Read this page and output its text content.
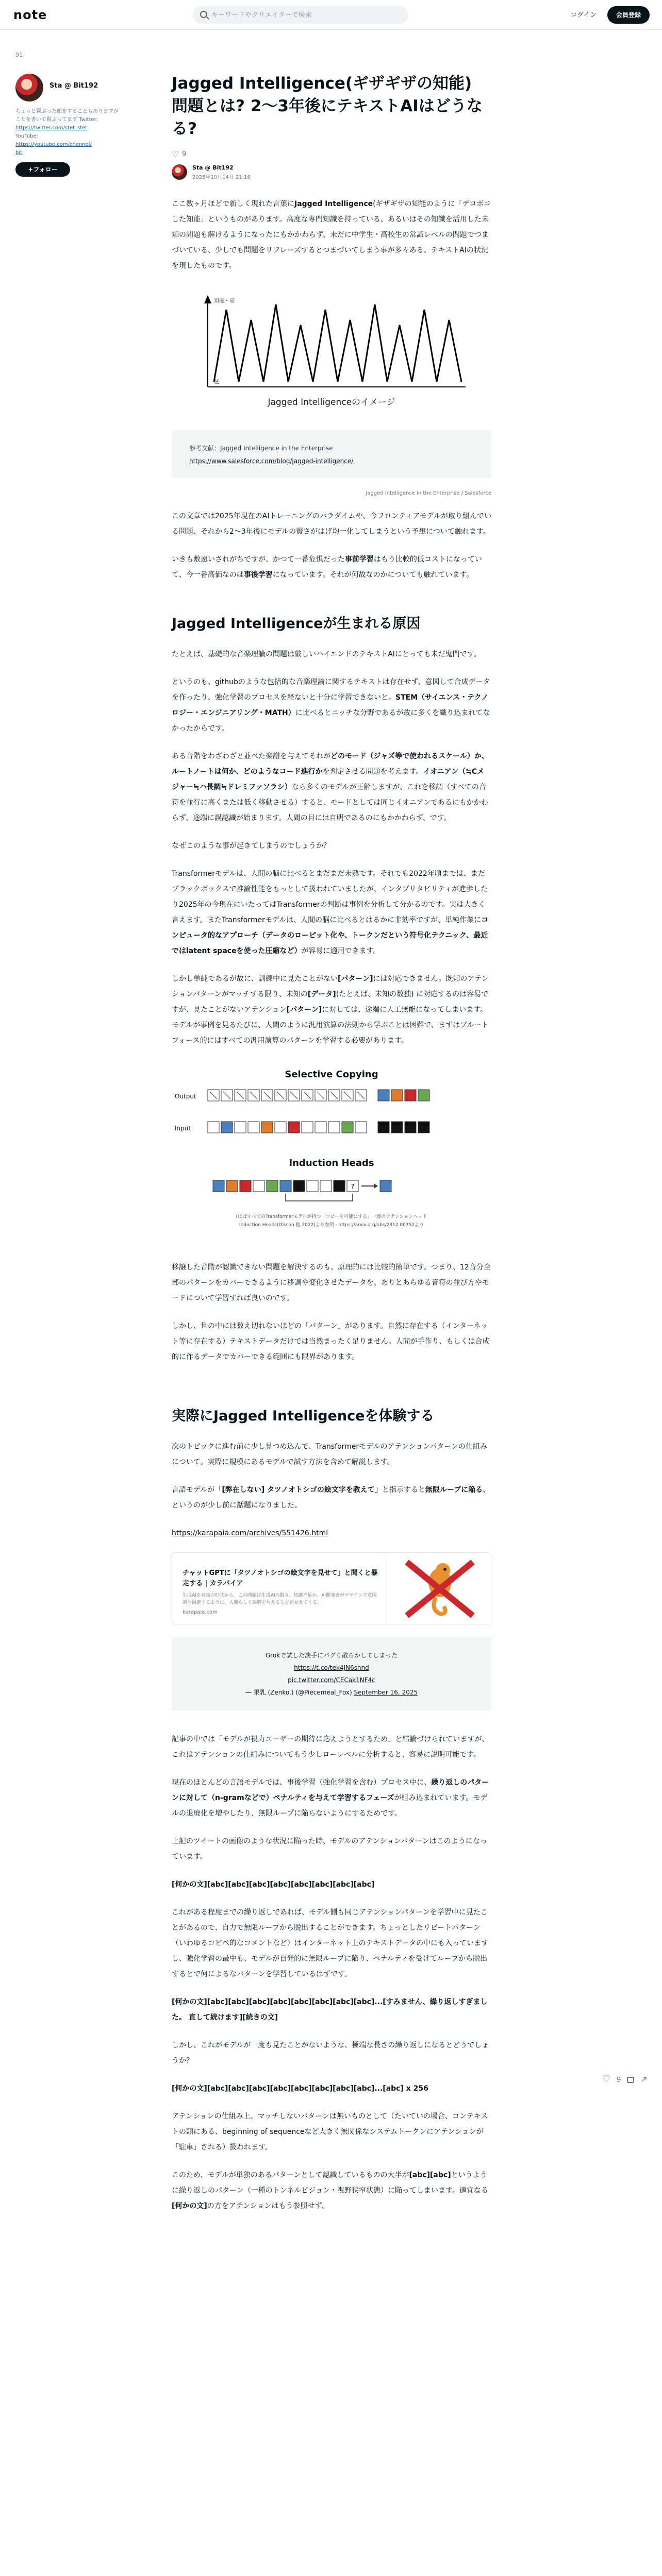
note
キーワードやクリエイターで検索	ログイン	会員登録
91
Sta @ Bit192
ちょっと賢ぶった顔をすることもありますがことを書いて賢ぶってます Twitter:
https://twitter.com/stet_stet
YouTube:
https://youtube.com/channel/
bit
+フォロー
Jagged Intelligence(ギザギザの知能) 問題とは? 2〜3年後にテキストAIはどうなる?
♡
9
Sta @ Bit192
2025年10月14日 21:16

ここ数ヶ月ほどで新しく現れた言葉にJagged Intelligence(ギザギザの知能のように「デコボコした知能」というものがあります。高度な専門知識を持っている、あるいはその知識を活用した未知の問題も解けるようになったにもかかわらず、未だに中学生・高校生の常識レベルの問題でつまづいている、少しでも問題をリフレーズするとつまづいてしまう事が多々ある。テキストAIの状況を現したものです。

知能・高
低
Jagged Intelligenceのイメージ
参考文献：Jagged Intelligence in the Enterprise
https://www.salesforce.com/blog/jagged-intelligence/
Jagged Intelligence in the Enterprise / Salesforce

この文章では2025年現在のAIトレーニングのパラダイムや、今フロンティアモデルが取り組んでいる問題、それから2〜3年後にモデルの賢さがはげ均一化してしまうという予想について触れます。

いきも敷遠いされがちですが、かつて一番危惧だった事前学習はもう比較的低コストになっていて、今一番高価なのは事後学習になっています。それが何故なのかについても触れています。

Jagged Intelligenceが生まれる原因

たとえば、基礎的な音楽理論の問題は厳しいハイエンドのテキストAIにとっても未だ鬼門です。

というのも、githubのような包括的な音楽理論に関するテキストは存在せず、意図して合成データを作ったり、強化学習のプロセスを経ないと十分に学習できないと。STEM（サイエンス・テクノロジー・エンジニアリング・MATH）に比べるとニッチな分野であるが故に多くを織り込まれてなかったからです。

ある音階をわざわざと並べた楽譜を与えてそれがどのモード（ジャズ等で使われるスケール）か、ルートノートは何か、どのようなコード進行かを判定させる問題を考えます。イオニアン（≒Cメジャー≒ハ長調≒ドレミファソラシ）なら多くのモデルが正解しますが、これを移調（すべての音符を並行に高くまたは低く移動させる）すると、モードとしては同じイオニアンであるにもかかわらず、途端に誤認識が始まります。人間の目には自明であるのにもかかわらず、です。

なぜこのような事が起きてしまうのでしょうか？

Transformerモデルは、人間の脳に比べるとまだまだ未熟です。それでも2022年頃までは、まだブラックボックスで推論性能をもっとして扱われていましたが、インタプリタビリティが進歩したり2025年の今現在にいたってはTransformerの判断は事例を分析して分かるのです。実は大きく言えます。またTransformerモデルは、人間の脳に比べるとはるかに非効率ですが、単純作業にコンピュータ的なアプローチ（データのローピット化や、トークンだという符号化テクニック、最近ではlatent spaceを使った圧縮など）が容易に適用できます。

しかし単純であるが故に、訓練中に見たことがない[パターン]には対応できません。既知のアテンションパターンがマッチする限り、未知の[データ](たとえば、未知の数独) に対応するのは容易ですが、見たことがないアテンション[パターン]に対しては、途端に人工無能になってしまいます。モデルが事例を見るたびに、人間のように汎用演算の法則から学ぶことは困難で、まずはブルートフォース的にはすべての汎用演算のパターンを学習する必要があります。

Selective Copying
Output
Input
?
Induction Heads
(はばすべてのTransformerモデルが持つ「コピーを可能にする」一連のアテンションヘッド
Induction Heads(Olsson 他 2022)より参照 · https://arxiv.org/abs/2312.00752より

移譲した音階が認識できない問題を解決するのも、原理的には比較的簡単です。つまり、12音分全部のパターンをカバーできるように移調や変化させたデータを、ありとあらゆる音符の並び方やモードについて学習すれば良いのです。

しかし、世の中には数え切れないほどの「パターン」があります。自然に存在する（インターネット等に存在する）テキストデータだけでは当然まったく足りません。人間が手作り、もしくは合成的に作るデータでカバーできる範囲にも限界があります。

実際にJagged Intelligenceを体験する

次のトピックに進む前に少し見つめ込んで、Transformerモデルのアテンションパターンの仕組みについて。実際に規模にあるモデルで試す方法を含めて解説します。

言語モデルが「[弊在しない] タツノオトシゴの絵文字を教えて」と指示すると無限ループに陥る、というのが少し前に話題になりました。

https://karapaia.com/archives/551426.html
チャットGPTに「タツノオトシゴの絵文字を見せて」と聞くと暴走する | カラパイア
生成AIを対話の形式から、この問題は生成AIの賢さ、知識不足か、AI開発者がデザインで意図的な回避するように。人間らしく誤解を与えるなどが見えてくる。
karapaia.com
Grokで試した淡手にバグり散らかしてしまった
https://t.co/tek4JN6shnd
pic.twitter.com/CECak1NF4c
— 果乳 (Zenko.) (@Piecemeal_Fox) September 16, 2025

記事の中では「モデルが視力ユーザーの期待に応えようとするため」と結論づけられていますが、これはアテンションの仕組みについてもう少しローレベルに分析すると、容易に説明可能です。

現在のほとんどの言語モデルでは、事後学習（強化学習を含む）プロセス中に、繰り返しのパターンに対して（n-gramなどで）ペナルティを与えて学習するフェーズが組み込まれています。モデルの退廃化を増やしたり、無限ループに陥らないようにするためです。

上記のツイートの画像のような状況に陥った時、モデルのアテンションパターンはこのようになっています。

[何かの文][abc][abc][abc][abc][abc][abc][abc][abc]

これがある程度までの繰り返しであれば、モデル側も同じアテンションパターンを学習中に見たことがあるので、自力で無限ループから脱出することができます。ちょっとしたリピートパターン（いわゆるコピペ的なコメントなど）はインターネット上のテキストデータの中にも入っていますし、強化学習の最中も、モデルが自発的に無限ループに陥り、ペナルティを受けてループから脱出するとで何によるなパターンを学習しているはずです。

[何かの文][abc][abc][abc][abc][abc][abc][abc][abc]...[すみません、繰り返しすぎました。 直して続けます][続きの文]

しかし、これがモデルが一度も見たことがないような、極端な長さの繰り返しになるとどうでしょうか？

[何かの文][abc][abc][abc][abc][abc][abc][abc][abc]...[abc] x 256

アテンションの仕組み上、マッチしないパターンは無いものとして（たいていの場合、コンテキストの頭にある、beginning of sequenceなど大きく無関係なシステムトークンにアテンションが「駐車」される）扱われます。

このため、モデルが単独のあるパターンとして認識しているものの大半が[abc][abc]というように繰り返しのパターン（一種のトンネルビジョン・視野狭窄状態）に陥ってしまいます。適宜なる[何かの文]の方をアテンションはもう参照せず、

♡
9
↗
